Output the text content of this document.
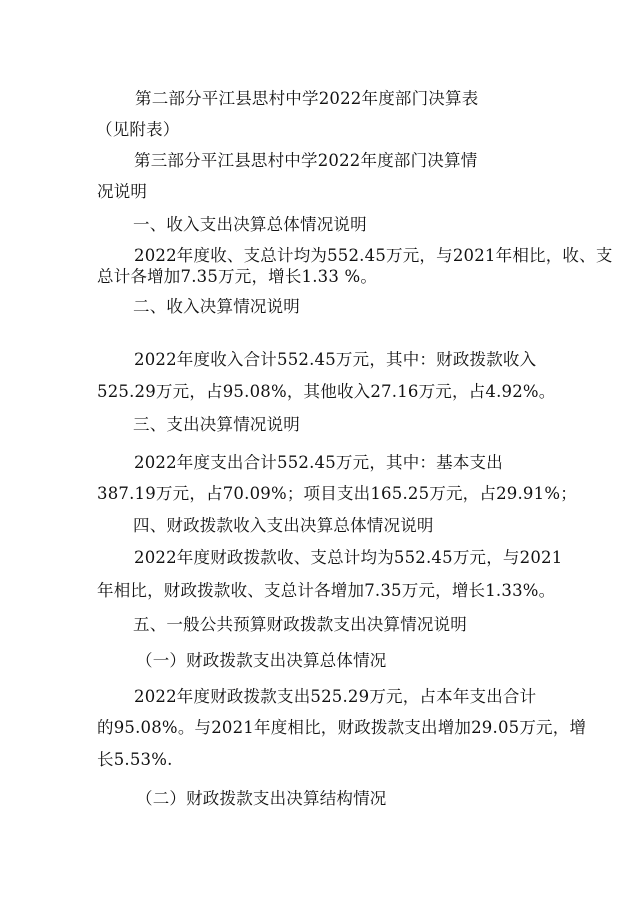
第二部分平江县思村中学2022年度部门决算表
（见附表）
第三部分平江县思村中学2022年度部门决算情
况说明
一、收入支出决算总体情况说明
2022年度收、支总计均为552.45万元，与2021年相比，收、支
总计各增加7.35万元，增长1.33 %。
二、收入决算情况说明
2022年度收入合计552.45万元，其中：财政拨款收入
525.29万元，占95.08%，其他收入27.16万元，占4.92%。
三、支出决算情况说明
2022年度支出合计552.45万元，其中：基本支出
387.19万元，占70.09%；项目支出165.25万元，占29.91%；
四、财政拨款收入支出决算总体情况说明
2022年度财政拨款收、支总计均为552.45万元，与2021
年相比，财政拨款收、支总计各增加7.35万元，增长1.33%。
五、一般公共预算财政拨款支出决算情况说明
（一）财政拨款支出决算总体情况
2022年度财政拨款支出525.29万元，占本年支出合计
的95.08%。与2021年度相比，财政拨款支出增加29.05万元，增
长5.53%.
（二）财政拨款支出决算结构情况
